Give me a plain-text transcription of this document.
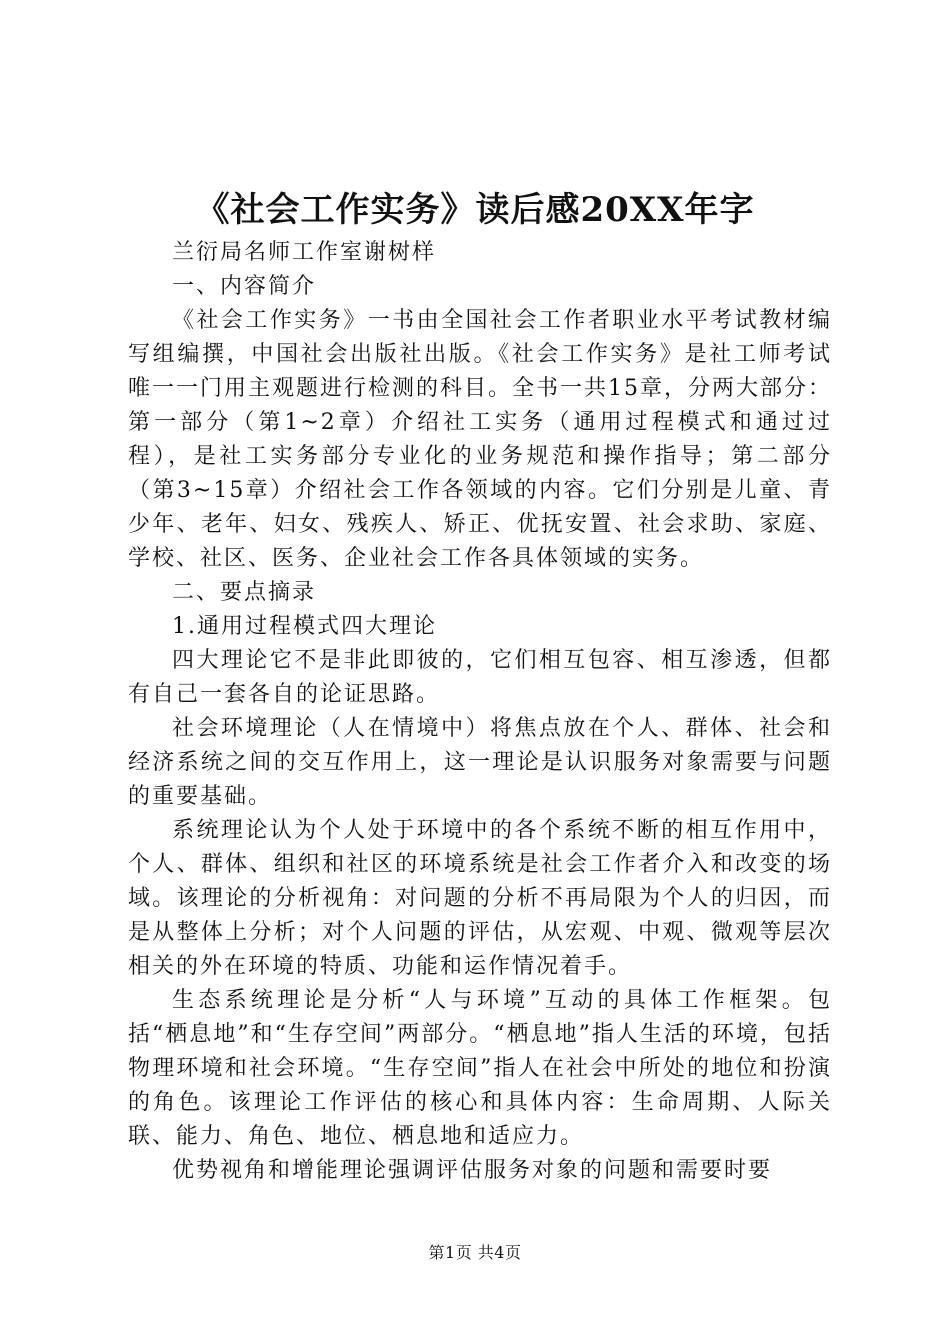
《社会工作实务》读后感20XX年字

兰衍局名师工作室谢树样

一、内容简介

《社会工作实务》一书由全国社会工作者职业水平考试教材编写组编撰，中国社会出版社出版。《社会工作实务》是社工师考试唯一一门用主观题进行检测的科目。全书一共15章，分两大部分：第一部分（第1~2章）介绍社工实务（通用过程模式和通过过程），是社工实务部分专业化的业务规范和操作指导；第二部分（第3~15章）介绍社会工作各领域的内容。它们分别是儿童、青少年、老年、妇女、残疾人、矫正、优抚安置、社会求助、家庭、学校、社区、医务、企业社会工作各具体领域的实务。

二、要点摘录

1.通用过程模式四大理论

四大理论它不是非此即彼的，它们相互包容、相互渗透，但都有自己一套各自的论证思路。

社会环境理论（人在情境中）将焦点放在个人、群体、社会和经济系统之间的交互作用上，这一理论是认识服务对象需要与问题的重要基础。

系统理论认为个人处于环境中的各个系统不断的相互作用中，个人、群体、组织和社区的环境系统是社会工作者介入和改变的场域。该理论的分析视角：对问题的分析不再局限为个人的归因，而是从整体上分析；对个人问题的评估，从宏观、中观、微观等层次相关的外在环境的特质、功能和运作情况着手。

生态系统理论是分析“人与环境”互动的具体工作框架。包括“栖息地”和“生存空间”两部分。“栖息地”指人生活的环境，包括物理环境和社会环境。“生存空间”指人在社会中所处的地位和扮演的角色。该理论工作评估的核心和具体内容：生命周期、人际关联、能力、角色、地位、栖息地和适应力。

优势视角和增能理论强调评估服务对象的问题和需要时要

第1页 共4页
